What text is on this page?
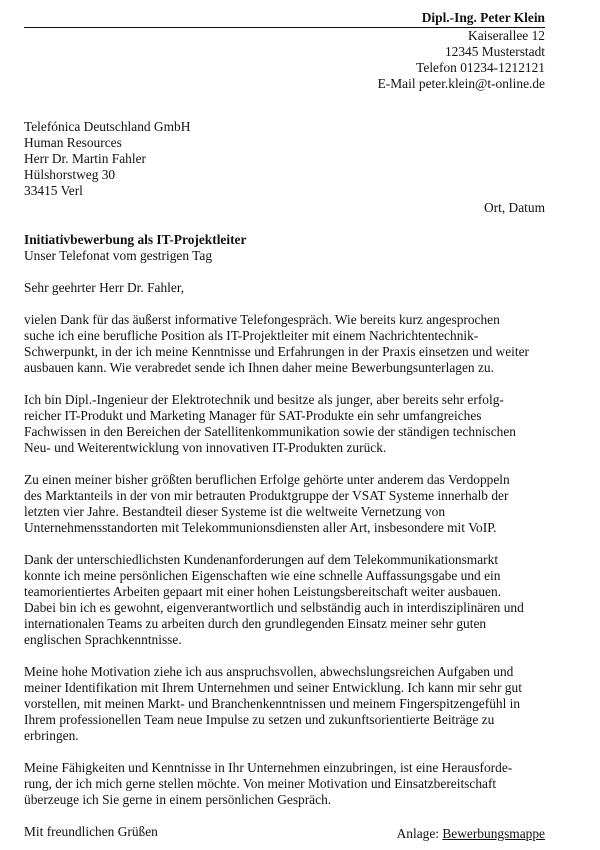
Dipl.-Ing. Peter Klein
Kaiserallee 12
12345 Musterstadt
Telefon 01234-1212121
E-Mail peter.klein@t-online.de
Telefónica Deutschland GmbH
Human Resources
Herr Dr. Martin Fahler
Hülshorstweg 30
33415 Verl
Ort, Datum
Initiativbewerbung als IT-Projektleiter
Unser Telefonat vom gestrigen Tag
Sehr geehrter Herr Dr. Fahler,
vielen Dank für das äußerst informative Telefongespräch. Wie bereits kurz angesprochen
suche ich eine berufliche Position als IT-Projektleiter mit einem Nachrichtentechnik-
Schwerpunkt, in der ich meine Kenntnisse und Erfahrungen in der Praxis einsetzen und weiter
ausbauen kann. Wie verabredet sende ich Ihnen daher meine Bewerbungsunterlagen zu.
Ich bin Dipl.-Ingenieur der Elektrotechnik und besitze als junger, aber bereits sehr erfolg-
reicher IT-Produkt und Marketing Manager für SAT-Produkte ein sehr umfangreiches
Fachwissen in den Bereichen der Satellitenkommunikation sowie der ständigen technischen
Neu- und Weiterentwicklung von innovativen IT-Produkten zurück.
Zu einen meiner bisher größten beruflichen Erfolge gehörte unter anderem das Verdoppeln
des Marktanteils in der von mir betrauten Produktgruppe der VSAT Systeme innerhalb der
letzten vier Jahre. Bestandteil dieser Systeme ist die weltweite Vernetzung von
Unternehmensstandorten mit Telekommunionsdiensten aller Art, insbesondere mit VoIP.
Dank der unterschiedlichsten Kundenanforderungen auf dem Telekommunikationsmarkt
konnte ich meine persönlichen Eigenschaften wie eine schnelle Auffassungsgabe und ein
teamorientiertes Arbeiten gepaart mit einer hohen Leistungsbereitschaft weiter ausbauen.
Dabei bin ich es gewohnt, eigenverantwortlich und selbständig auch in interdisziplinären und
internationalen Teams zu arbeiten durch den grundlegenden Einsatz meiner sehr guten
englischen Sprachkenntnisse.
Meine hohe Motivation ziehe ich aus anspruchsvollen, abwechslungsreichen Aufgaben und
meiner Identifikation mit Ihrem Unternehmen und seiner Entwicklung. Ich kann mir sehr gut
vorstellen, mit meinen Markt- und Branchenkenntnissen und meinem Fingerspitzengefühl in
Ihrem professionellen Team neue Impulse zu setzen und zukunftsorientierte Beiträge zu
erbringen.
Meine Fähigkeiten und Kenntnisse in Ihr Unternehmen einzubringen, ist eine Herausforde-
rung, der ich mich gerne stellen möchte. Von meiner Motivation und Einsatzbereitschaft
überzeuge ich Sie gerne in einem persönlichen Gespräch.
Mit freundlichen Grüßen	Anlage: Bewerbungsmappe
